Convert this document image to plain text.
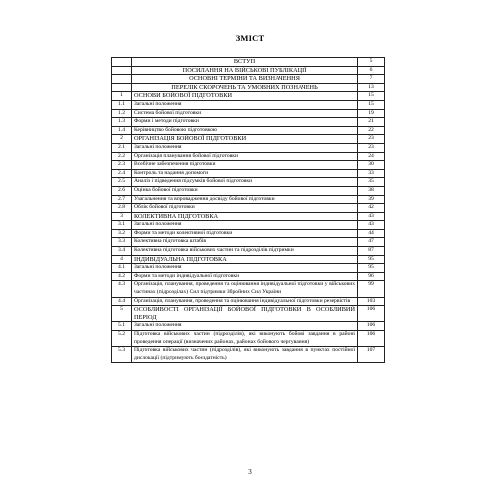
ЗМІСТ
	ВСТУП	5
	ПОСИЛАННЯ НА ВІЙСЬКОВІ ПУБЛІКАЦІЇ	6
	ОСНОВНІ ТЕРМІНИ ТА ВИЗНАЧЕННЯ	7
	ПЕРЕЛІК СКОРОЧЕНЬ ТА УМОВНИХ ПОЗНАЧЕНЬ	13
1	ОСНОВИ БОЙОВОЇ ПІДГОТОВКИ	15
1.1	Загальні положення	15
1.2	Система бойової підготовки	19
1.3	Форми і методи підготовки	21
1.4	Керівництво бойовою підготовкою	22
2	ОРГАНІЗАЦІЯ БОЙОВОЇ ПІДГОТОВКИ	23
2.1	Загальні положення	23
2.2	Організація планування бойової підготовки	24
2.3	Всебічне забезпечення підготовки	30
2.4	Контроль та надання допомоги	33
2.5	Аналіз і підведення підсумків бойової підготовки	35
2.6	Оцінка бойової підготовки	38
2.7	Узагальнення та впровадження досвіду бойової підготовки	39
2.8	Облік бойової підготовки	42
3	КОЛЕКТИВНА ПІДГОТОВКА	43
3.1	Загальні положення	43
3.2	Форми та методи колективної підготовки	44
3.3	Колективна підготовка штабів	47
3.4	Колективна підготовка військових частин та підрозділів підтримки	87
4	ІНДИВІДУАЛЬНА ПІДГОТОВКА	95
4.1	Загальні положення	95
4.2	Форми та методи індивідуальної підготовки	96
4.3	Організація, планування, проведення та оцінювання індивідуальної підготовки у військових частинах (підрозділах) Сил підтримки Збройних Сил України	99
4.4	Організація, планування, проведення та оцінювання індивідуальної підготовки резервістів	103
5	ОСОБЛИВОСТІ ОРГАНІЗАЦІЇ БОЙОВОЇ ПІДГОТОВКИ В ОСОБЛИВИЙ ПЕРІОД	106
5.1	Загальні положення	106
5.2	Підготовка військових частин (підрозділів), які виконують бойові завдання в районі проведення операції (визначених районах, районах бойового чергування)	106
5.3	Підготовка військових частин (підрозділів), які виконують завдання в пунктах постійної дислокації (підтримують боєздатність)	107
3
